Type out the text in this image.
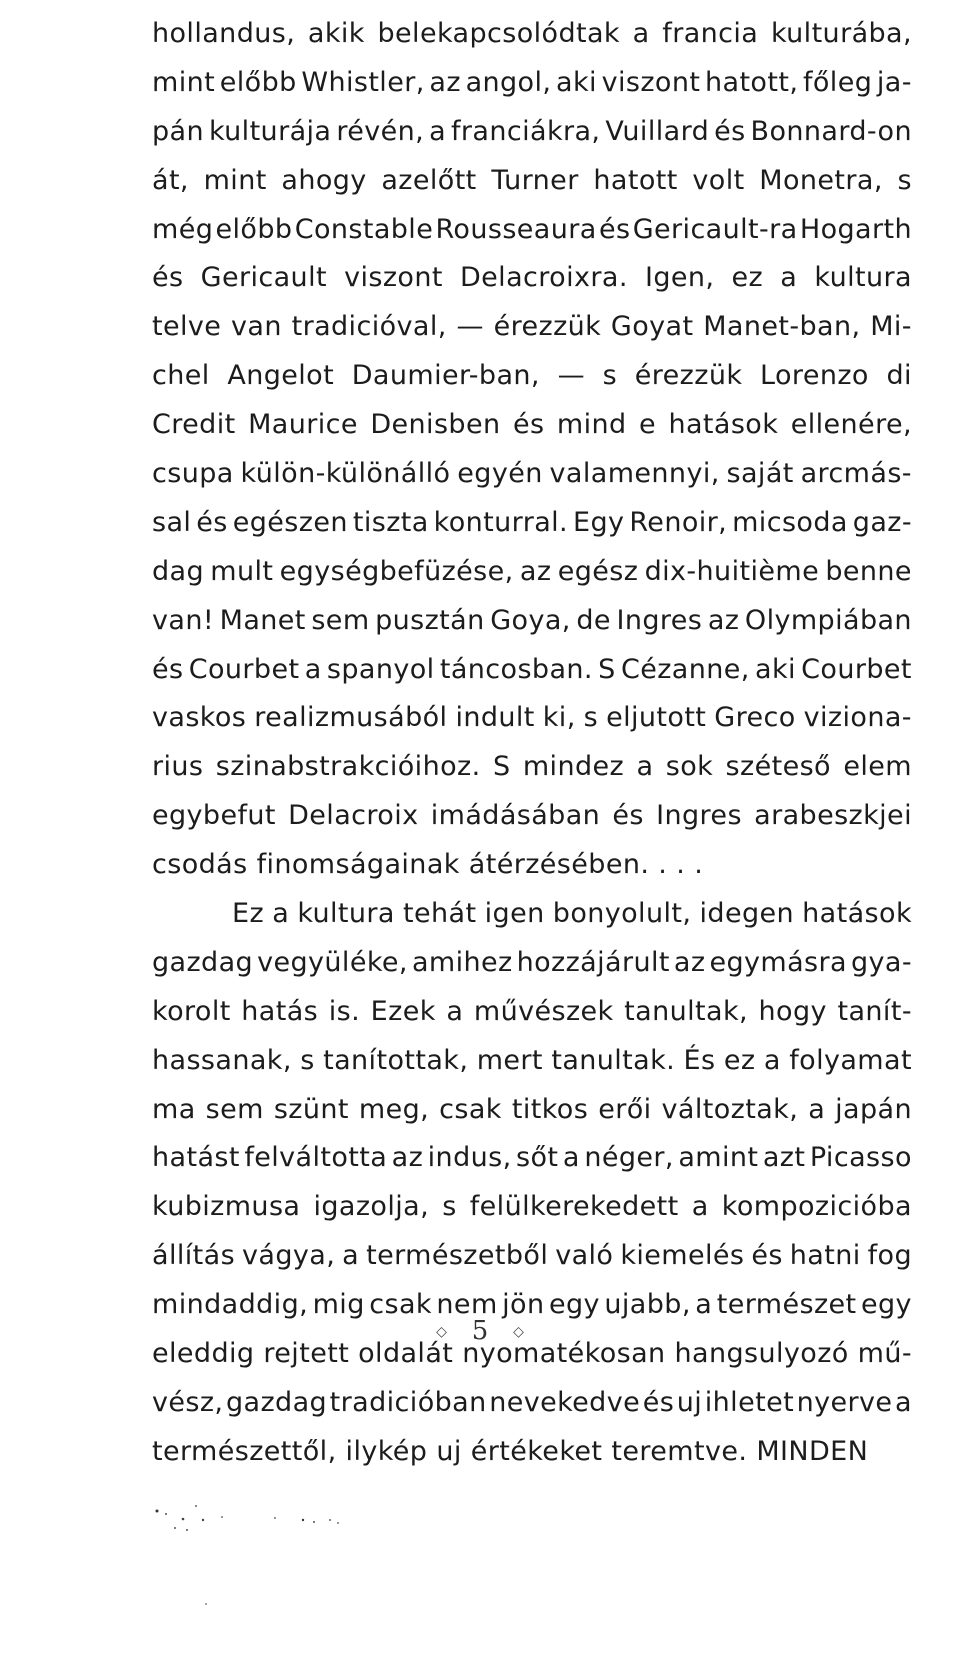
hollandus, akik belekapcsolódtak a francia kulturába,
mint előbb Whistler, az angol, aki viszont hatott, főleg ja-
pán kulturája révén, a franciákra, Vuillard és Bonnard-on
át, mint ahogy azelőtt Turner hatott volt Monetra, s
még előbb Constable Rousseaura és Gericault-ra Hogarth
és Gericault viszont Delacroixra. Igen, ez a kultura
telve van tradicióval, — érezzük Goyat Manet-ban, Mi-
chel Angelot Daumier-ban, — s érezzük Lorenzo di
Credit Maurice Denisben és mind e hatások ellenére,
csupa külön-különálló egyén valamennyi, saját arcmás-
sal és egészen tiszta konturral. Egy Renoir, micsoda gaz-
dag mult egységbefüzése, az egész dix-huitième benne
van! Manet sem pusztán Goya, de Ingres az Olympiában
és Courbet a spanyol táncosban. S Cézanne, aki Courbet
vaskos realizmusából indult ki, s eljutott Greco viziona-
rius szinabstrakcióihoz. S mindez a sok széteső elem
egybefut Delacroix imádásában és Ingres arabeszkjei
csodás finomságainak átérzésében. . . .
Ez a kultura tehát igen bonyolult, idegen hatások
gazdag vegyüléke, amihez hozzájárult az egymásra gya-
korolt hatás is. Ezek a művészek tanultak, hogy tanít-
hassanak, s tanítottak, mert tanultak. És ez a folyamat
ma sem szünt meg, csak titkos erői változtak, a japán
hatást felváltotta az indus, sőt a néger, amint azt Picasso
kubizmusa igazolja, s felülkerekedett a kompozicióba
állítás vágya, a természetből való kiemelés és hatni fog
mindaddig, mig csak nem jön egy ujabb, a természet egy
eleddig rejtett oldalát nyomatékosan hangsulyozó mű-
vész, gazdag tradicióban nevekedve és uj ihletet nyerve a
természettől, ilykép uj értékeket teremtve. MINDEN
◇ 5 ◇
